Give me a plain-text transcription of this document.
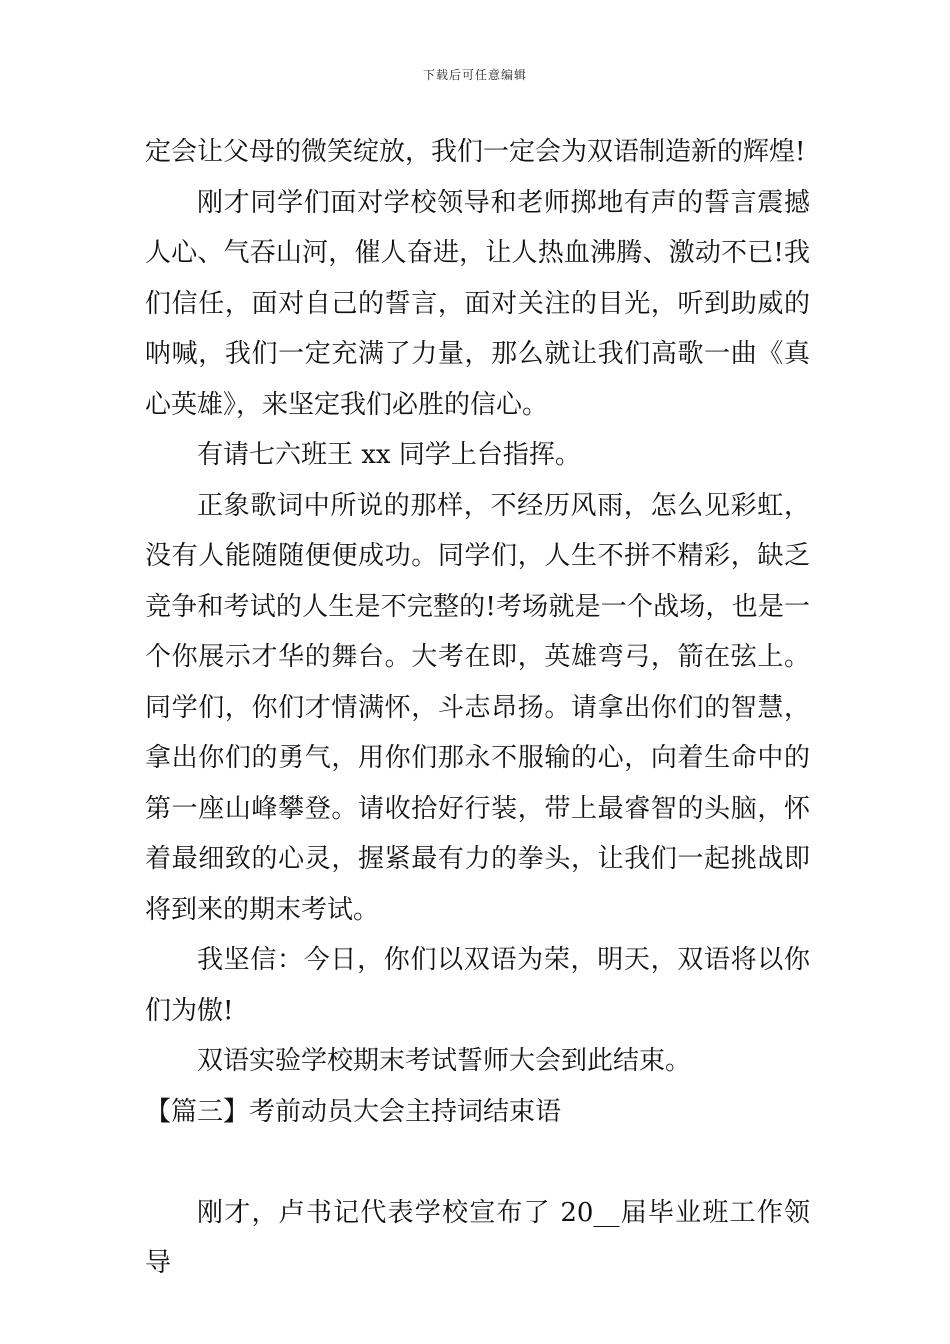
下载后可任意编辑

定会让父母的微笑绽放，我们一定会为双语制造新的辉煌!

刚才同学们面对学校领导和老师掷地有声的誓言震撼人心、气吞山河，催人奋进，让人热血沸腾、激动不已!我们信任，面对自己的誓言，面对关注的目光，听到助威的呐喊，我们一定充满了力量，那么就让我们高歌一曲《真心英雄》，来坚定我们必胜的信心。

有请七六班王 xx 同学上台指挥。

正象歌词中所说的那样，不经历风雨，怎么见彩虹，没有人能随随便便成功。同学们，人生不拼不精彩，缺乏竞争和考试的人生是不完整的!考场就是一个战场，也是一个你展示才华的舞台。大考在即，英雄弯弓，箭在弦上。同学们，你们才情满怀，斗志昂扬。请拿出你们的智慧，拿出你们的勇气，用你们那永不服输的心，向着生命中的第一座山峰攀登。请收拾好行装，带上最睿智的头脑，怀着最细致的心灵，握紧最有力的拳头，让我们一起挑战即将到来的期末考试。

我坚信：今日，你们以双语为荣，明天，双语将以你们为傲!

双语实验学校期末考试誓师大会到此结束。

【篇三】考前动员大会主持词结束语

刚才，卢书记代表学校宣布了 20__届毕业班工作领导
